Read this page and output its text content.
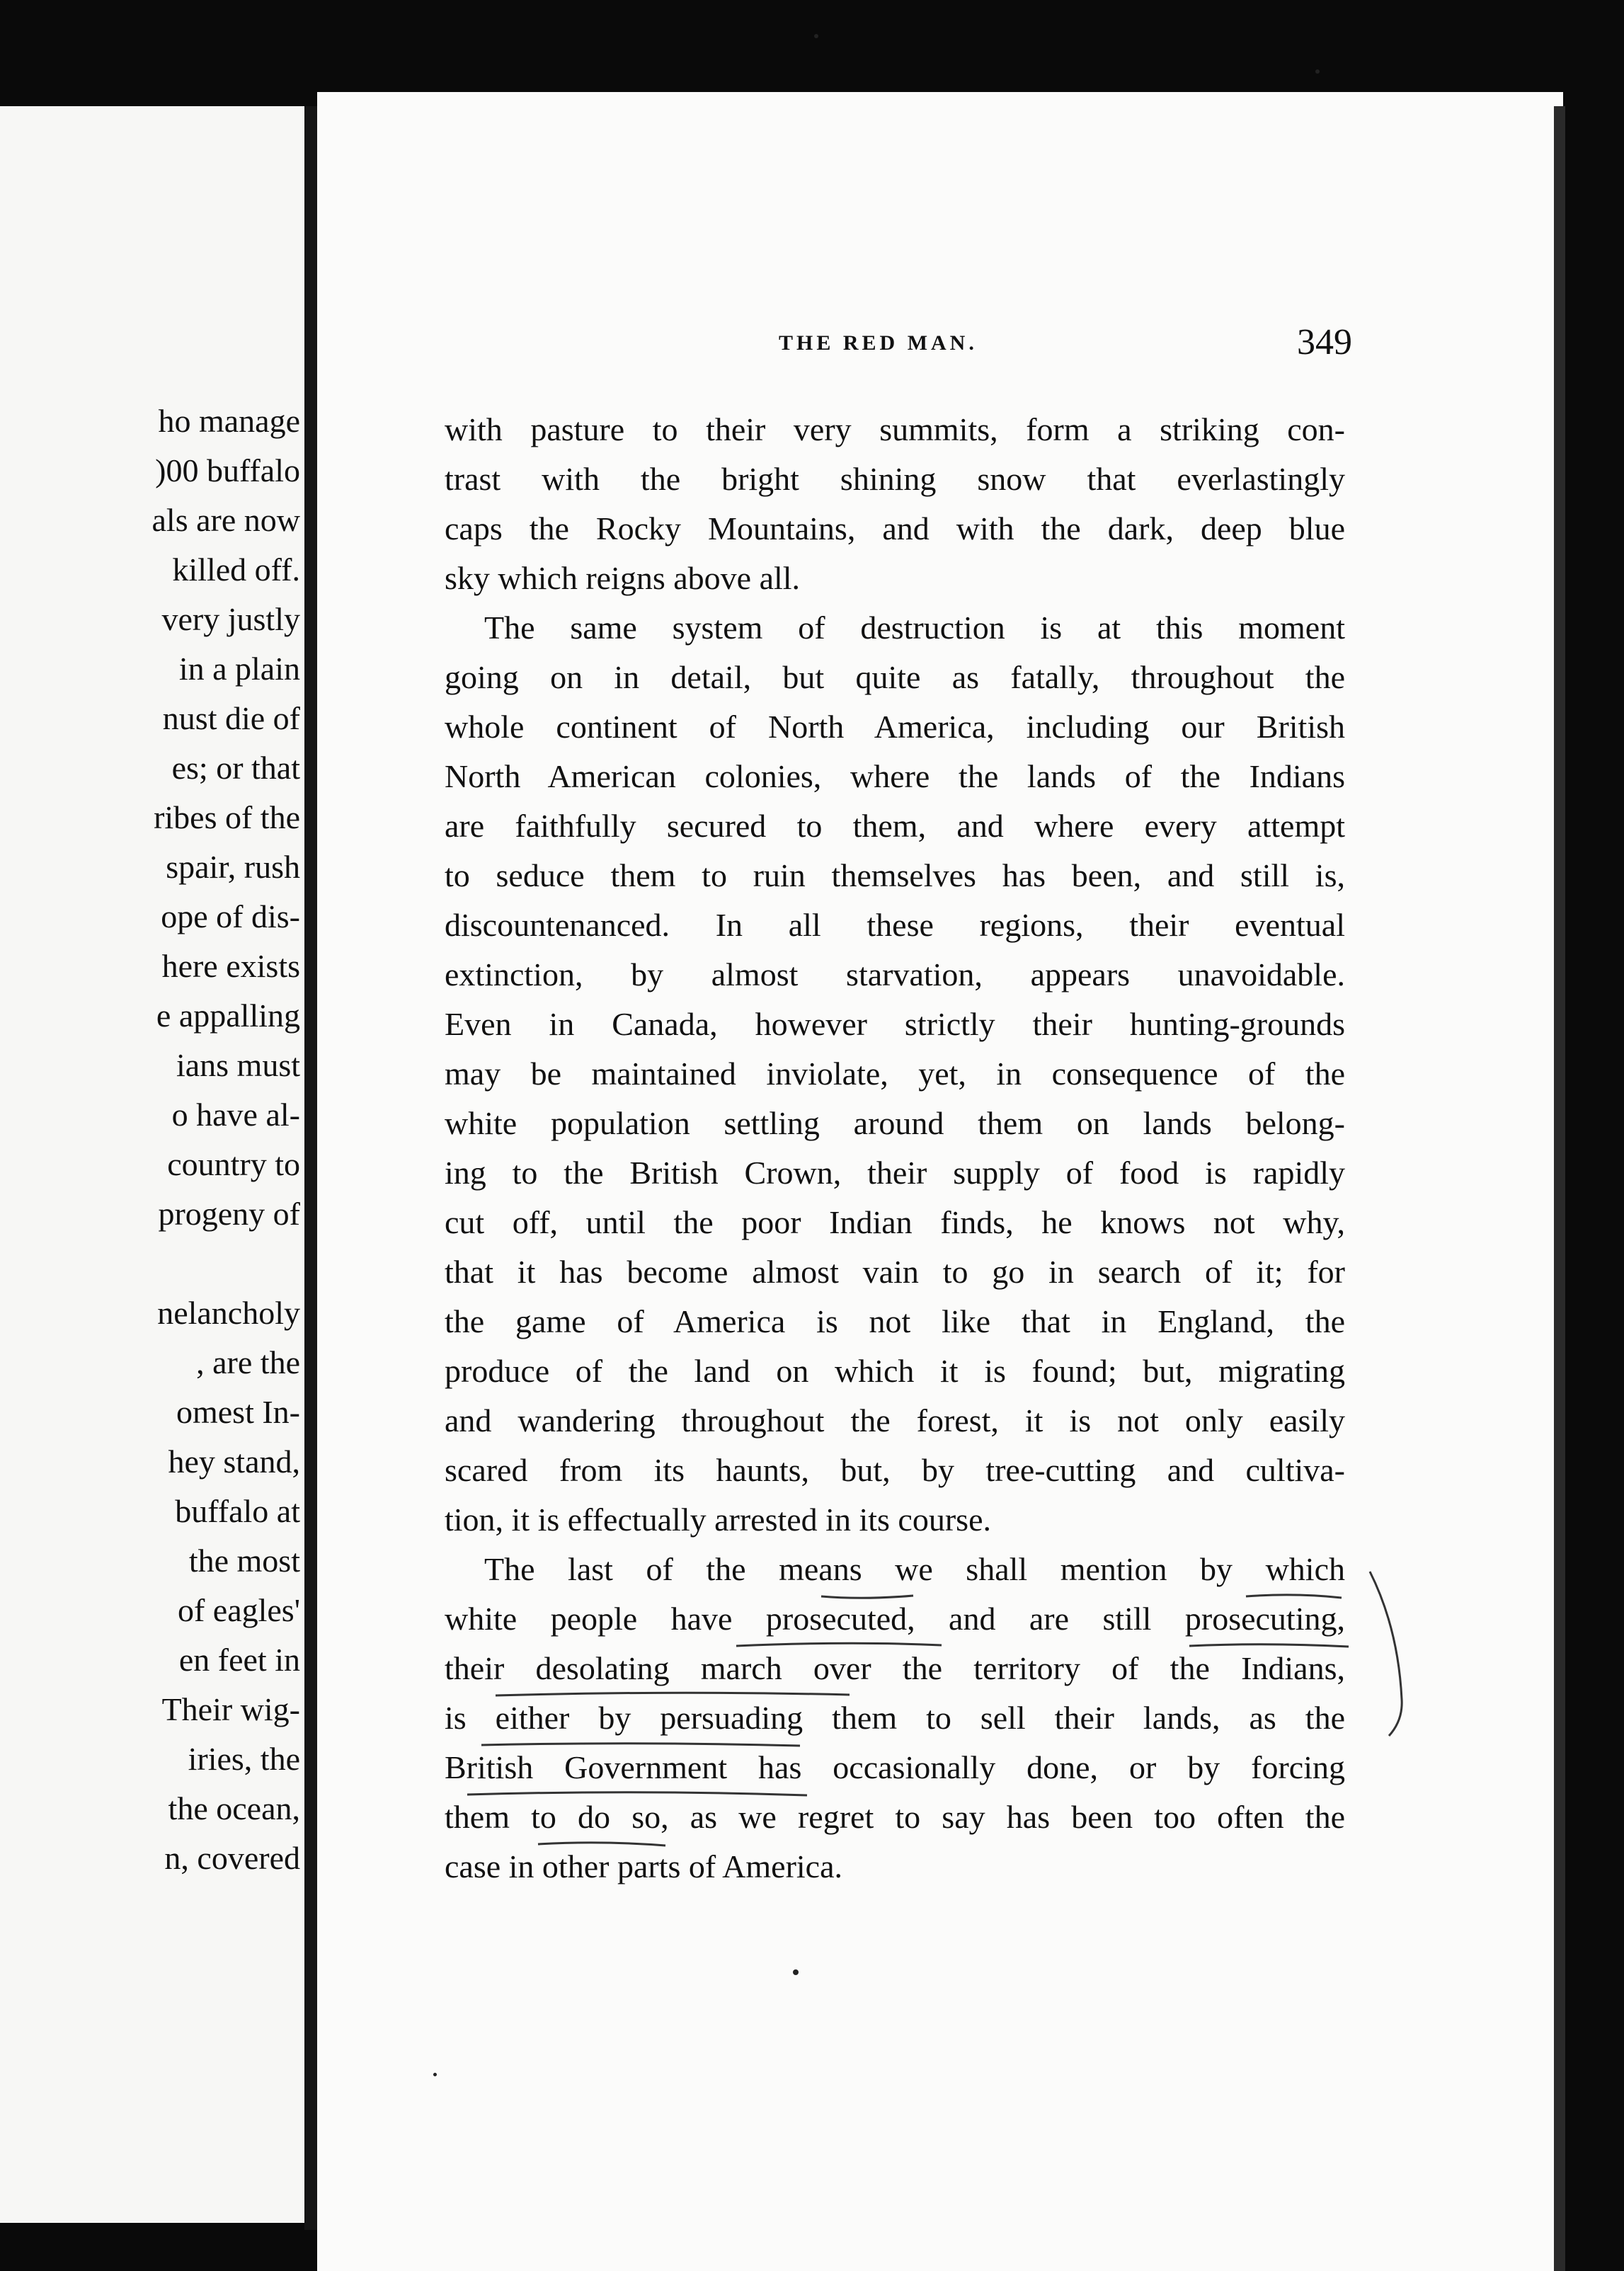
ho manage
)00 buffalo
als are now
killed off.
very justly
in a plain
nust die of
es; or that
ribes of the
spair, rush
ope of dis-
here exists
e appalling
ians must
o have al-
country to
progeny of
nelancholy
, are the
omest In-
hey stand,
buffalo at
the most
of eagles'
en feet in
Their wig-
iries, the
the ocean,
n, covered
THE RED MAN.	349
with pasture to their very summits, form a striking con-
trast with the bright shining snow that everlastingly
caps the Rocky Mountains, and with the dark, deep blue
sky which reigns above all.
The same system of destruction is at this moment
going on in detail, but quite as fatally, throughout the
whole continent of North America, including our British
North American colonies, where the lands of the Indians
are faithfully secured to them, and where every attempt
to seduce them to ruin themselves has been, and still is,
discountenanced. In all these regions, their eventual
extinction, by almost starvation, appears unavoidable.
Even in Canada, however strictly their hunting-grounds
may be maintained inviolate, yet, in consequence of the
white population settling around them on lands belong-
ing to the British Crown, their supply of food is rapidly
cut off, until the poor Indian finds, he knows not why,
that it has become almost vain to go in search of it; for
the game of America is not like that in England, the
produce of the land on which it is found; but, migrating
and wandering throughout the forest, it is not only easily
scared from its haunts, but, by tree-cutting and cultiva-
tion, it is effectually arrested in its course.
The last of the means we shall mention by which
white people have prosecuted, and are still prosecuting,
their desolating march over the territory of the Indians,
is either by persuading them to sell their lands, as the
British Government has occasionally done, or by forcing
them to do so, as we regret to say has been too often the
case in other parts of America.
